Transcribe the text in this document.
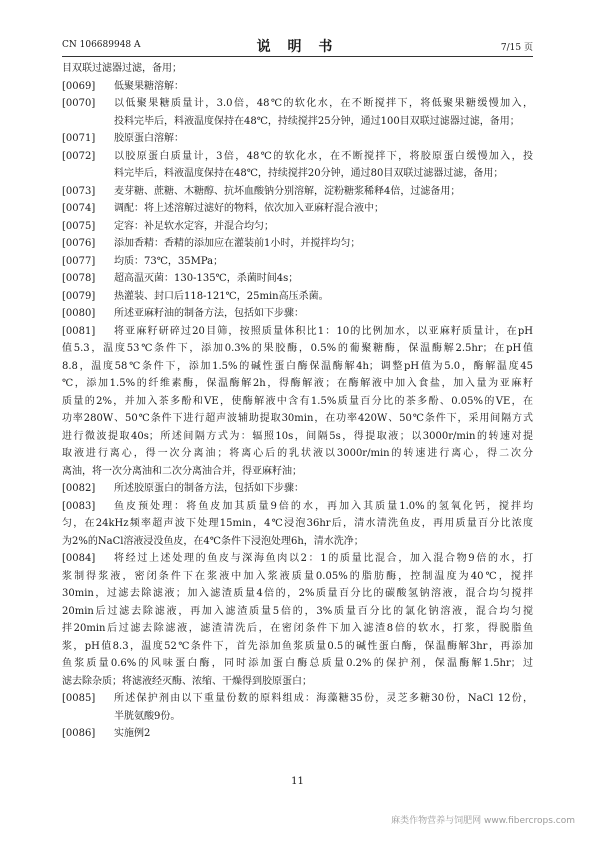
CN 106689948 A	说 明 书	7/15 页
目双联过滤器过滤，备用；
[0069]	低聚果糖溶解：
[0070]	以低聚果糖质量计，3.0倍，48℃的软化水，在不断搅拌下，将低聚果糖缓慢加入，
投料完毕后，料液温度保持在48℃，持续搅拌25分钟，通过100目双联过滤器过滤，备用；
[0071]	胶原蛋白溶解：
[0072]	以胶原蛋白质量计，3倍，48℃的软化水，在不断搅拌下，将胶原蛋白缓慢加入，投
料完毕后，料液温度保持在48℃，持续搅拌20分钟，通过80目双联过滤器过滤，备用；
[0073]	麦芽糖、蔗糖、木糖醇、抗坏血酸钠分别溶解，淀粉糖浆稀释4倍，过滤备用；
[0074]	调配：将上述溶解过滤好的物料，依次加入亚麻籽混合液中；
[0075]	定容：补足软水定容，并混合均匀；
[0076]	添加香精：香精的添加应在灌装前1小时，并搅拌均匀；
[0077]	均质：73℃，35MPa；
[0078]	超高温灭菌：130-135℃，杀菌时间4s；
[0079]	热灌装、封口后118-121℃，25min高压杀菌。
[0080]	所述亚麻籽油的制备方法，包括如下步骤：
[0081]	将亚麻籽研碎过20目筛，按照质量体积比1：10的比例加水，以亚麻籽质量计，在pH
值5.3，温度53℃条件下，添加0.3%的果胶酶，0.5%的葡聚糖酶，保温酶解2.5hr；在pH值
8.8，温度58℃条件下，添加1.5%的碱性蛋白酶保温酶解4h；调整pH值为5.0，酶解温度45
℃，添加1.5%的纤维素酶，保温酶解2h，得酶解液；在酶解液中加入食盐，加入量为亚麻籽
质量的2%，并加入茶多酚和VE，使酶解液中含有1.5%质量百分比的茶多酚、0.05%的VE，在
功率280W、50℃条件下进行超声波辅助提取30min，在功率420W、50℃条件下，采用间隔方式
进行微波提取40s；所述间隔方式为：辐照10s，间隔5s，得提取液；以3000r/min的转速对提
取液进行离心，得一次分离油；将离心后的乳状液以3000r/min的转速进行离心，得二次分
离油，将一次分离油和二次分离油合并，得亚麻籽油；
[0082]	所述胶原蛋白的制备方法，包括如下步骤：
[0083]	鱼皮预处理：将鱼皮加其质量9倍的水，再加入其质量1.0%的氢氧化钙，搅拌均
匀，在24kHz频率超声波下处理15min，4℃浸泡36hr后，清水清洗鱼皮，再用质量百分比浓度
为2%的NaCl溶液浸没鱼皮，在4℃条件下浸泡处理6h，清水洗净；
[0084]	将经过上述处理的鱼皮与深海鱼肉以2：1的质量比混合，加入混合物9倍的水，打
浆制得浆液，密闭条件下在浆液中加入浆液质量0.05%的脂肪酶，控制温度为40℃，搅拌
30min，过滤去除滤液；加入滤渣质量4倍的，2%质量百分比的碳酸氢钠溶液，混合均匀搅拌
20min后过滤去除滤液，再加入滤渣质量5倍的，3%质量百分比的氯化钠溶液，混合均匀搅
拌20min后过滤去除滤液，滤渣清洗后，在密闭条件下加入滤渣8倍的软水，打浆，得脱脂鱼
浆，pH值8.3，温度52℃条件下，首先添加鱼浆质量0.5的碱性蛋白酶，保温酶解3hr，再添加
鱼浆质量0.6%的风味蛋白酶，同时添加蛋白酶总质量0.2%的保护剂，保温酶解1.5hr；过
滤去除杂质；将滤液经灭酶、浓缩、干燥得到胶原蛋白；
[0085]	所述保护剂由以下重量份数的原料组成：海藻糖35份，灵芝多糖30份，NaCl 12份，
半胱氨酸9份。
[0086]	实施例2
11
麻类作物营养与饲肥网 www.fibercrops.com
